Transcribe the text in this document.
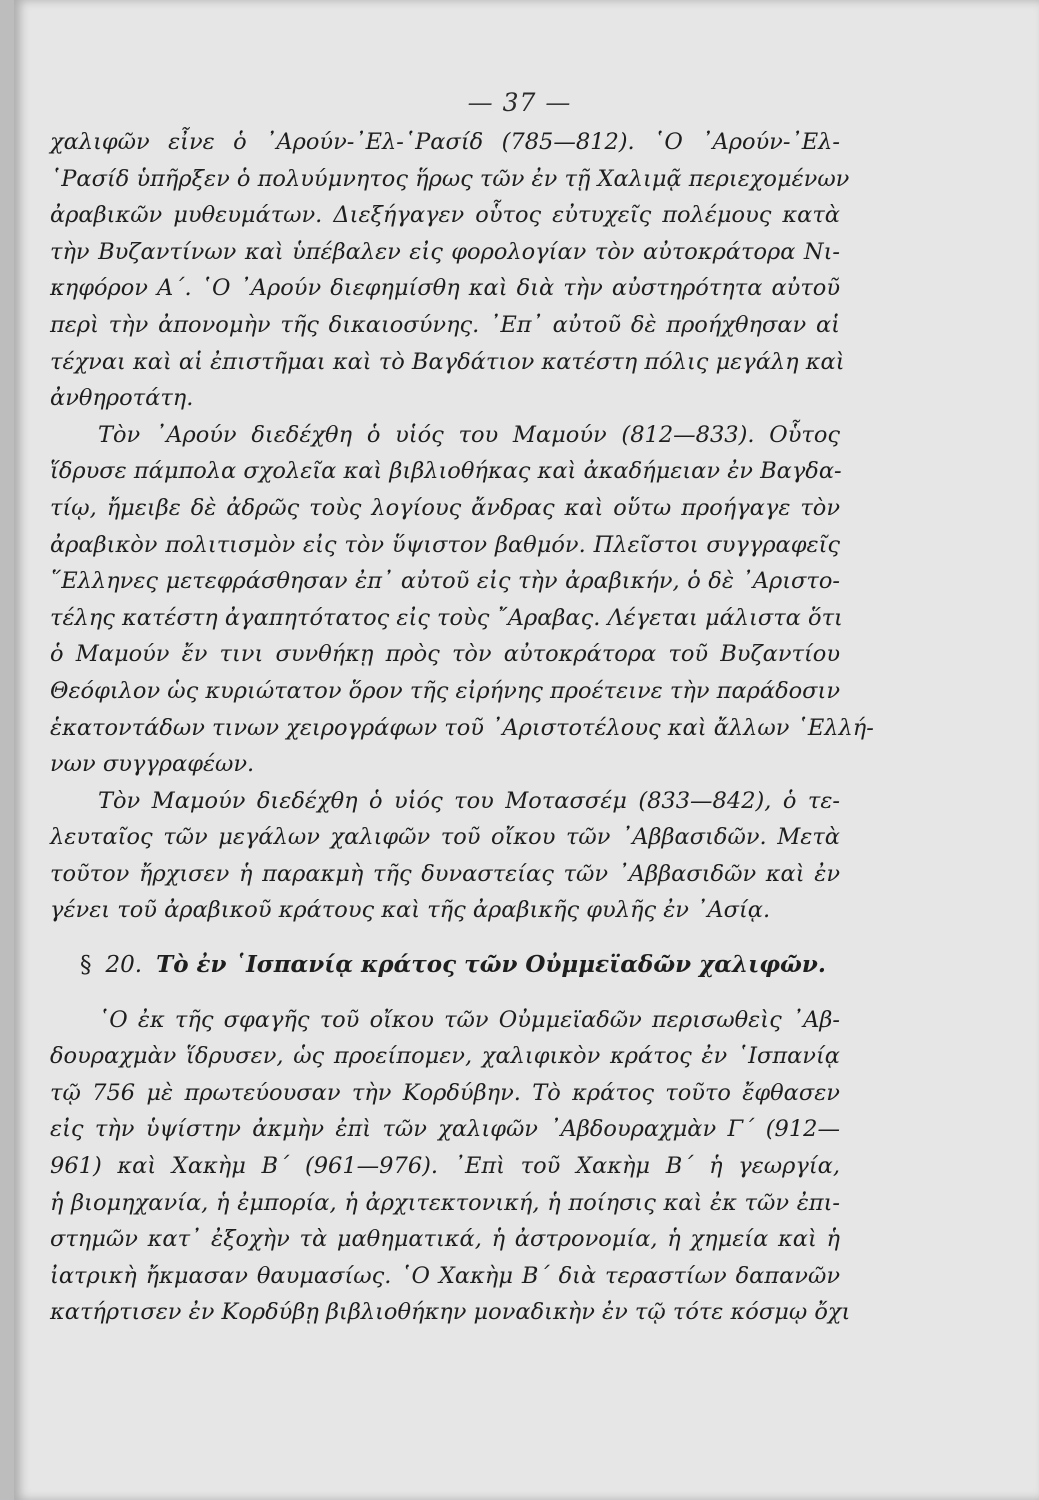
— 37 —
χαλιφῶν εἶνε ὁ ᾿Αρούν-᾿Ελ-῾Ρασίδ (785—812). ῾Ο ᾿Αρούν-᾿Ελ-
῾Ρασίδ ὑπῆρξεν ὁ πολυύμνητος ἥρως τῶν ἐν τῇ Χαλιμᾷ περιεχομένων
ἀραβικῶν μυθευμάτων. Διεξήγαγεν οὗτος εὐτυχεῖς πολέμους κατὰ
τὴν Βυζαντίνων καὶ ὑπέβαλεν εἰς φορολογίαν τὸν αὐτοκράτορα Νι-
κηφόρον Α΄. ῾Ο ᾿Αρούν διεφημίσθη καὶ διὰ τὴν αὐστηρότητα αὐτοῦ
περὶ τὴν ἀπονομὴν τῆς δικαιοσύνης. ᾿Επ᾿ αὐτοῦ δὲ προήχθησαν αἱ
τέχναι καὶ αἱ ἐπιστῆμαι καὶ τὸ Βαγδάτιον κατέστη πόλις μεγάλη καὶ
ἀνθηροτάτη.
Τὸν ᾿Αρούν διεδέχθη ὁ υἱός του Μαμούν (812—833). Οὗτος
ἵδρυσε πάμπολα σχολεῖα καὶ βιβλιοθήκας καὶ ἀκαδήμειαν ἐν Βαγδα-
τίῳ, ἤμειβε δὲ ἀδρῶς τοὺς λογίους ἄνδρας καὶ οὕτω προήγαγε τὸν
ἀραβικὸν πολιτισμὸν εἰς τὸν ὕψιστον βαθμόν. Πλεῖστοι συγγραφεῖς
῞Ελληνες μετεφράσθησαν ἐπ᾿ αὐτοῦ εἰς τὴν ἀραβικήν, ὁ δὲ ᾿Αριστο-
τέλης κατέστη ἀγαπητότατος εἰς τοὺς ῎Αραβας. Λέγεται μάλιστα ὅτι
ὁ Μαμούν ἔν τινι συνθήκῃ πρὸς τὸν αὐτοκράτορα τοῦ Βυζαντίου
Θεόφιλον ὡς κυριώτατον ὅρον τῆς εἰρήνης προέτεινε τὴν παράδοσιν
ἑκατοντάδων τινων χειρογράφων τοῦ ᾿Αριστοτέλους καὶ ἄλλων ῾Ελλή-
νων συγγραφέων.
Τὸν Μαμούν διεδέχθη ὁ υἱός του Μοτασσέμ (833—842), ὁ τε-
λευταῖος τῶν μεγάλων χαλιφῶν τοῦ οἴκου τῶν ᾿Αββασιδῶν. Μετὰ
τοῦτον ἤρχισεν ἡ παρακμὴ τῆς δυναστείας τῶν ᾿Αββασιδῶν καὶ ἐν
γένει τοῦ ἀραβικοῦ κράτους καὶ τῆς ἀραβικῆς φυλῆς ἐν ᾿Ασίᾳ.
§ 20. Τὸ ἐν ῾Ισπανίᾳ κράτος τῶν Οὐμμεϊαδῶν χαλιφῶν.
῾Ο ἐκ τῆς σφαγῆς τοῦ οἴκου τῶν Οὐμμεϊαδῶν περισωθεὶς ᾿Αβ-
δουραχμὰν ἵδρυσεν, ὡς προείπομεν, χαλιφικὸν κράτος ἐν ῾Ισπανίᾳ
τῷ 756 μὲ πρωτεύουσαν τὴν Κορδύβην. Τὸ κράτος τοῦτο ἔφθασεν
εἰς τὴν ὑψίστην ἀκμὴν ἐπὶ τῶν χαλιφῶν ᾿Αβδουραχμὰν Γ΄ (912—
961) καὶ Χακὴμ Β΄ (961—976). ᾿Επὶ τοῦ Χακὴμ Β΄ ἡ γεωργία,
ἡ βιομηχανία, ἡ ἐμπορία, ἡ ἀρχιτεκτονική, ἡ ποίησις καὶ ἐκ τῶν ἐπι-
στημῶν κατ᾿ ἐξοχὴν τὰ μαθηματικά, ἡ ἀστρονομία, ἡ χημεία καὶ ἡ
ἰατρικὴ ἤκμασαν θαυμασίως. ῾Ο Χακὴμ Β΄ διὰ τεραστίων δαπανῶν
κατήρτισεν ἐν Κορδύβῃ βιβλιοθήκην μοναδικὴν ἐν τῷ τότε κόσμῳ ὄχι
